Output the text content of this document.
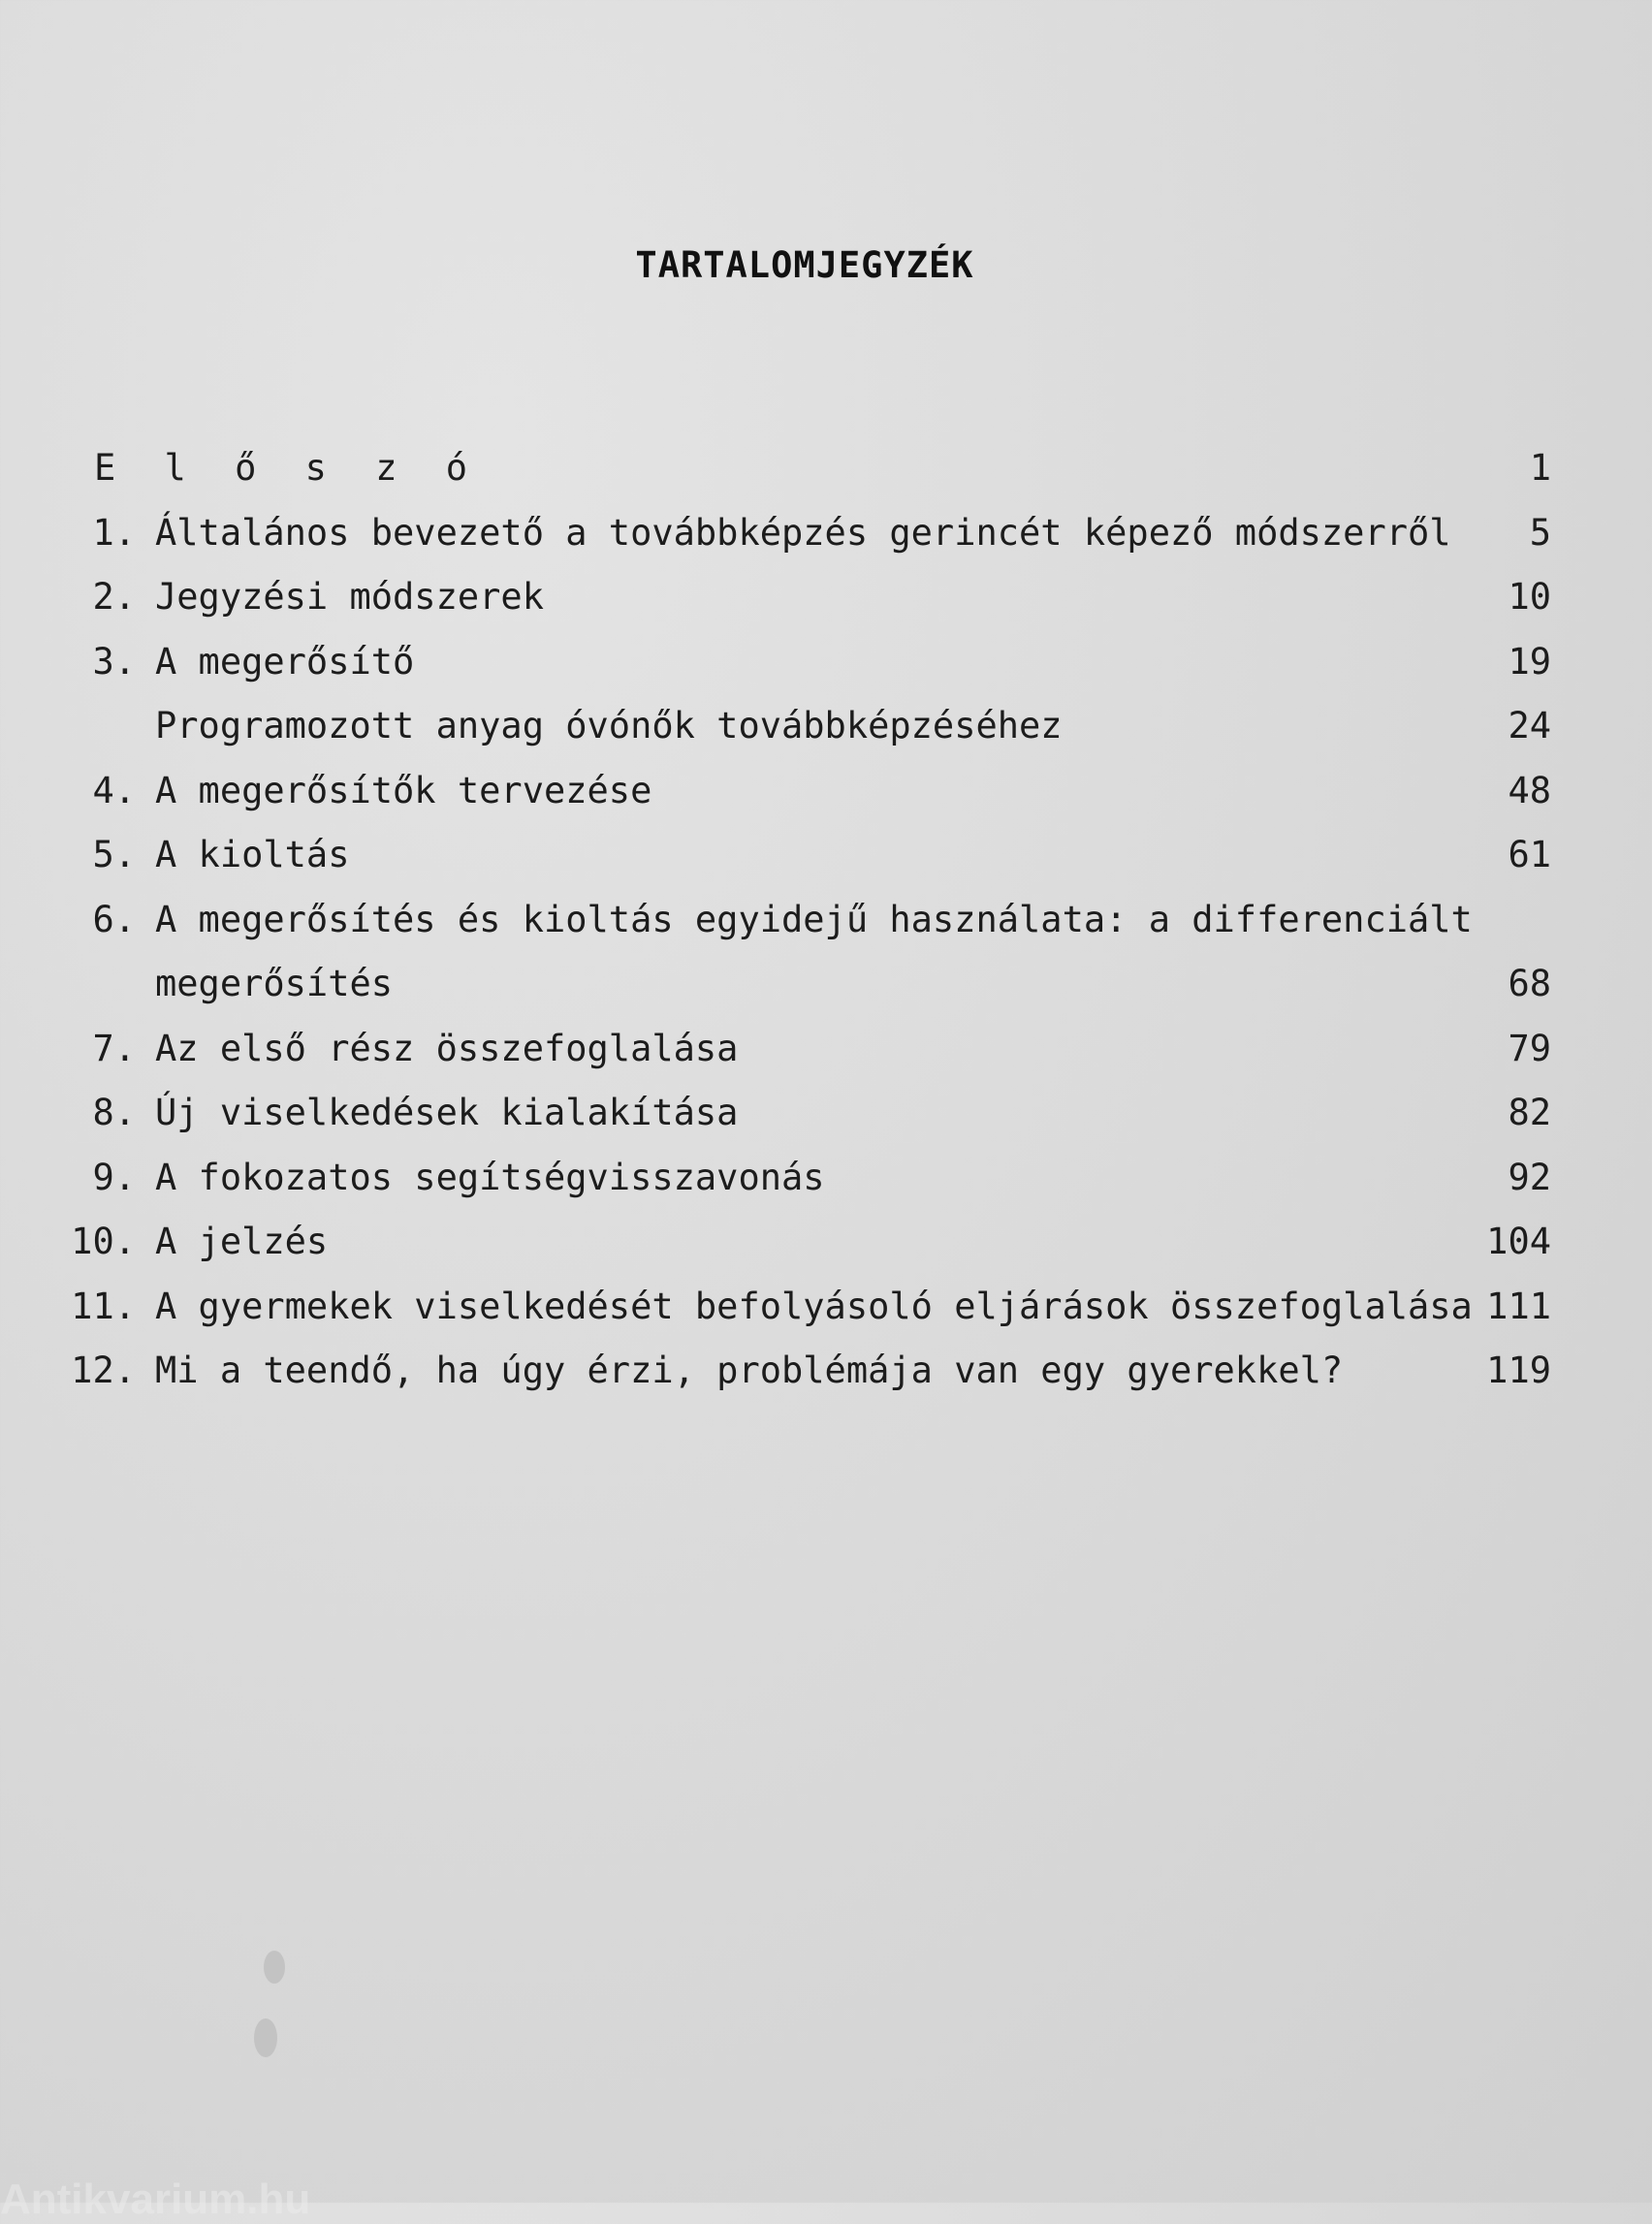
TARTALOMJEGYZÉK
E l ő s z ó	1
1. Általános bevezető a továbbképzés gerincét képező módszerről 5
2. Jegyzési módszerek	10
3. A megerősítő	19
Programozott anyag óvónők továbbképzéséhez	24
4. A megerősítők tervezése	48
5. A kioltás	61
6. A megerősítés és kioltás egyidejű használata: a differenciált
megerősítés	68
7. Az első rész összefoglalása	79
8. Új viselkedések kialakítása	82
9. A fokozatos segítségvisszavonás	92
10. A jelzés	104
11. A gyermekek viselkedését befolyásoló eljárások összefoglalása 111
12. Mi a teendő, ha úgy érzi, problémája van egy gyerekkel?	119
Antikvarium.hu
